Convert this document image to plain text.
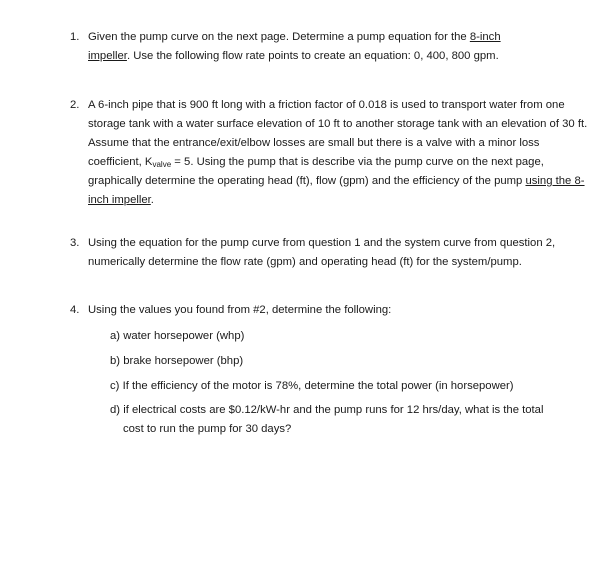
1. Given the pump curve on the next page. Determine a pump equation for the 8-inch
impeller. Use the following flow rate points to create an equation: 0, 400, 800 gpm.
2. A 6-inch pipe that is 900 ft long with a friction factor of 0.018 is used to transport water from one storage tank with a water surface elevation of 10 ft to another storage tank with an elevation of 30 ft. Assume that the entrance/exit/elbow losses are small but there is a valve with a minor loss coefficient, $K_{valve} = 5$. Using the pump that is describe via the pump curve on the next page, graphically determine the operating head (ft), flow (gpm) and the efficiency of the pump using the 8-inch impeller.
3. Using the equation for the pump curve from question 1 and the system curve from question 2, numerically determine the flow rate (gpm) and operating head (ft) for the system/pump.
4. Using the values you found from #2, determine the following:
a) water horsepower (whp)
b) brake horsepower (bhp)
c) If the efficiency of the motor is 78%, determine the total power (in horsepower)
d) if electrical costs are $0.12/kW-hr and the pump runs for 12 hrs/day, what is the total
cost to run the pump for 30 days?
